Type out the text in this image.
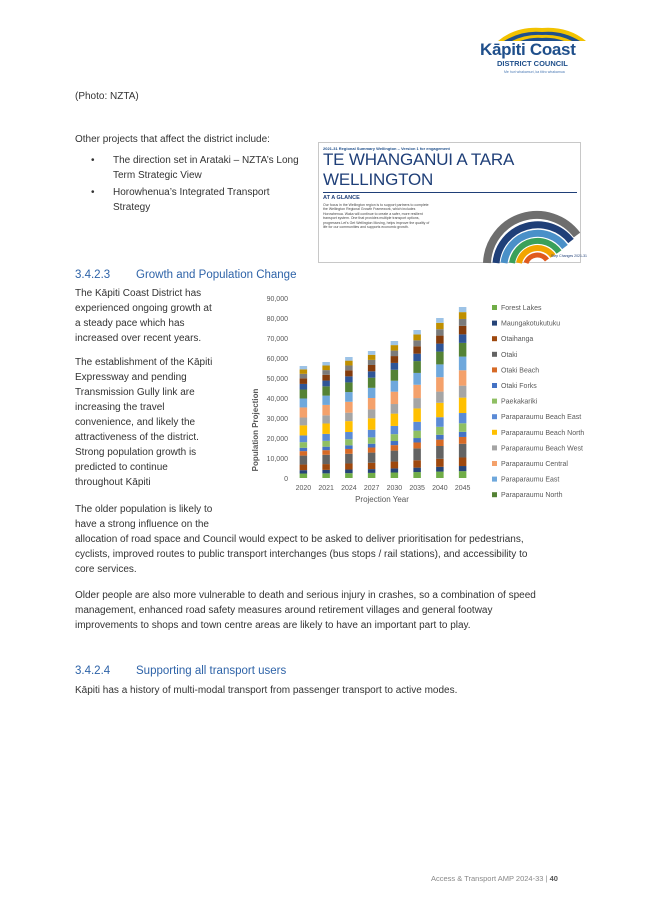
Kāpiti Coast
DISTRICT COUNCIL
Me huri whakamuri, ka titiro whakamua
(Photo: NZTA)
Other projects that affect the district include:
• The direction set in Arataki – NZTA’s Long Term Strategic View
• Horowhenua’s Integrated Transport Strategy
2021-31 Regional Summary Wellington – Version 1 for engagement
TE WHANGANUI A TARA
WELLINGTON
AT A GLANCE
Our focus in the Wellington region is to support partners to complete the Wellington Regional Growth Framework, which includes Horowhenua. Waka will continue to create a safer, more resilient transport system. One that provides multiple transport options, progresses Let’s Get Wellington Moving, helps improve the quality of life for our communities and supports economic growth.
Step Changes 2021-31
3.4.2.3 Growth and Population Change
The Kāpiti Coast District has
experienced ongoing growth at
a steady pace which has
increased over recent years.
The establishment of the Kāpiti
Expressway and pending
Transmission Gully link are
increasing the travel
convenience, and likely the
attractiveness of the district.
Strong population growth is
predicted to continue
throughout Kāpiti
The older population is likely to
have a strong influence on the
allocation of road space and Council would expect to be asked to deliver prioritisation for pedestrians,
cyclists, improved routes to public transport interchanges (bus stops / rail stations), and accessibility to
core services.
Older people are also more vulnerable to death and serious injury in crashes, so a combination of speed
management, enhanced road safety measures around retirement villages and general footway
improvements to shops and town centre areas are likely to have an important part to play.
0
10,000
20,000
30,000
40,000
50,000
60,000
70,000
80,000
90,000
2020 2021 2024 2027 2030 2035 2040 2045
Forest Lakes
Maungakotukutuku
Otaihanga
Otaki
Otaki Beach
Otaki Forks
Paekakariki
Paraparaumu Beach East
Paraparaumu Beach North
Paraparaumu Beach West
Paraparaumu Central
Paraparaumu East
Paraparaumu North
Population Projection
Projection Year
3.4.2.4 Supporting all transport users
Kāpiti has a history of multi-modal transport from passenger transport to active modes.
Access & Transport AMP 2024-33 | 40
